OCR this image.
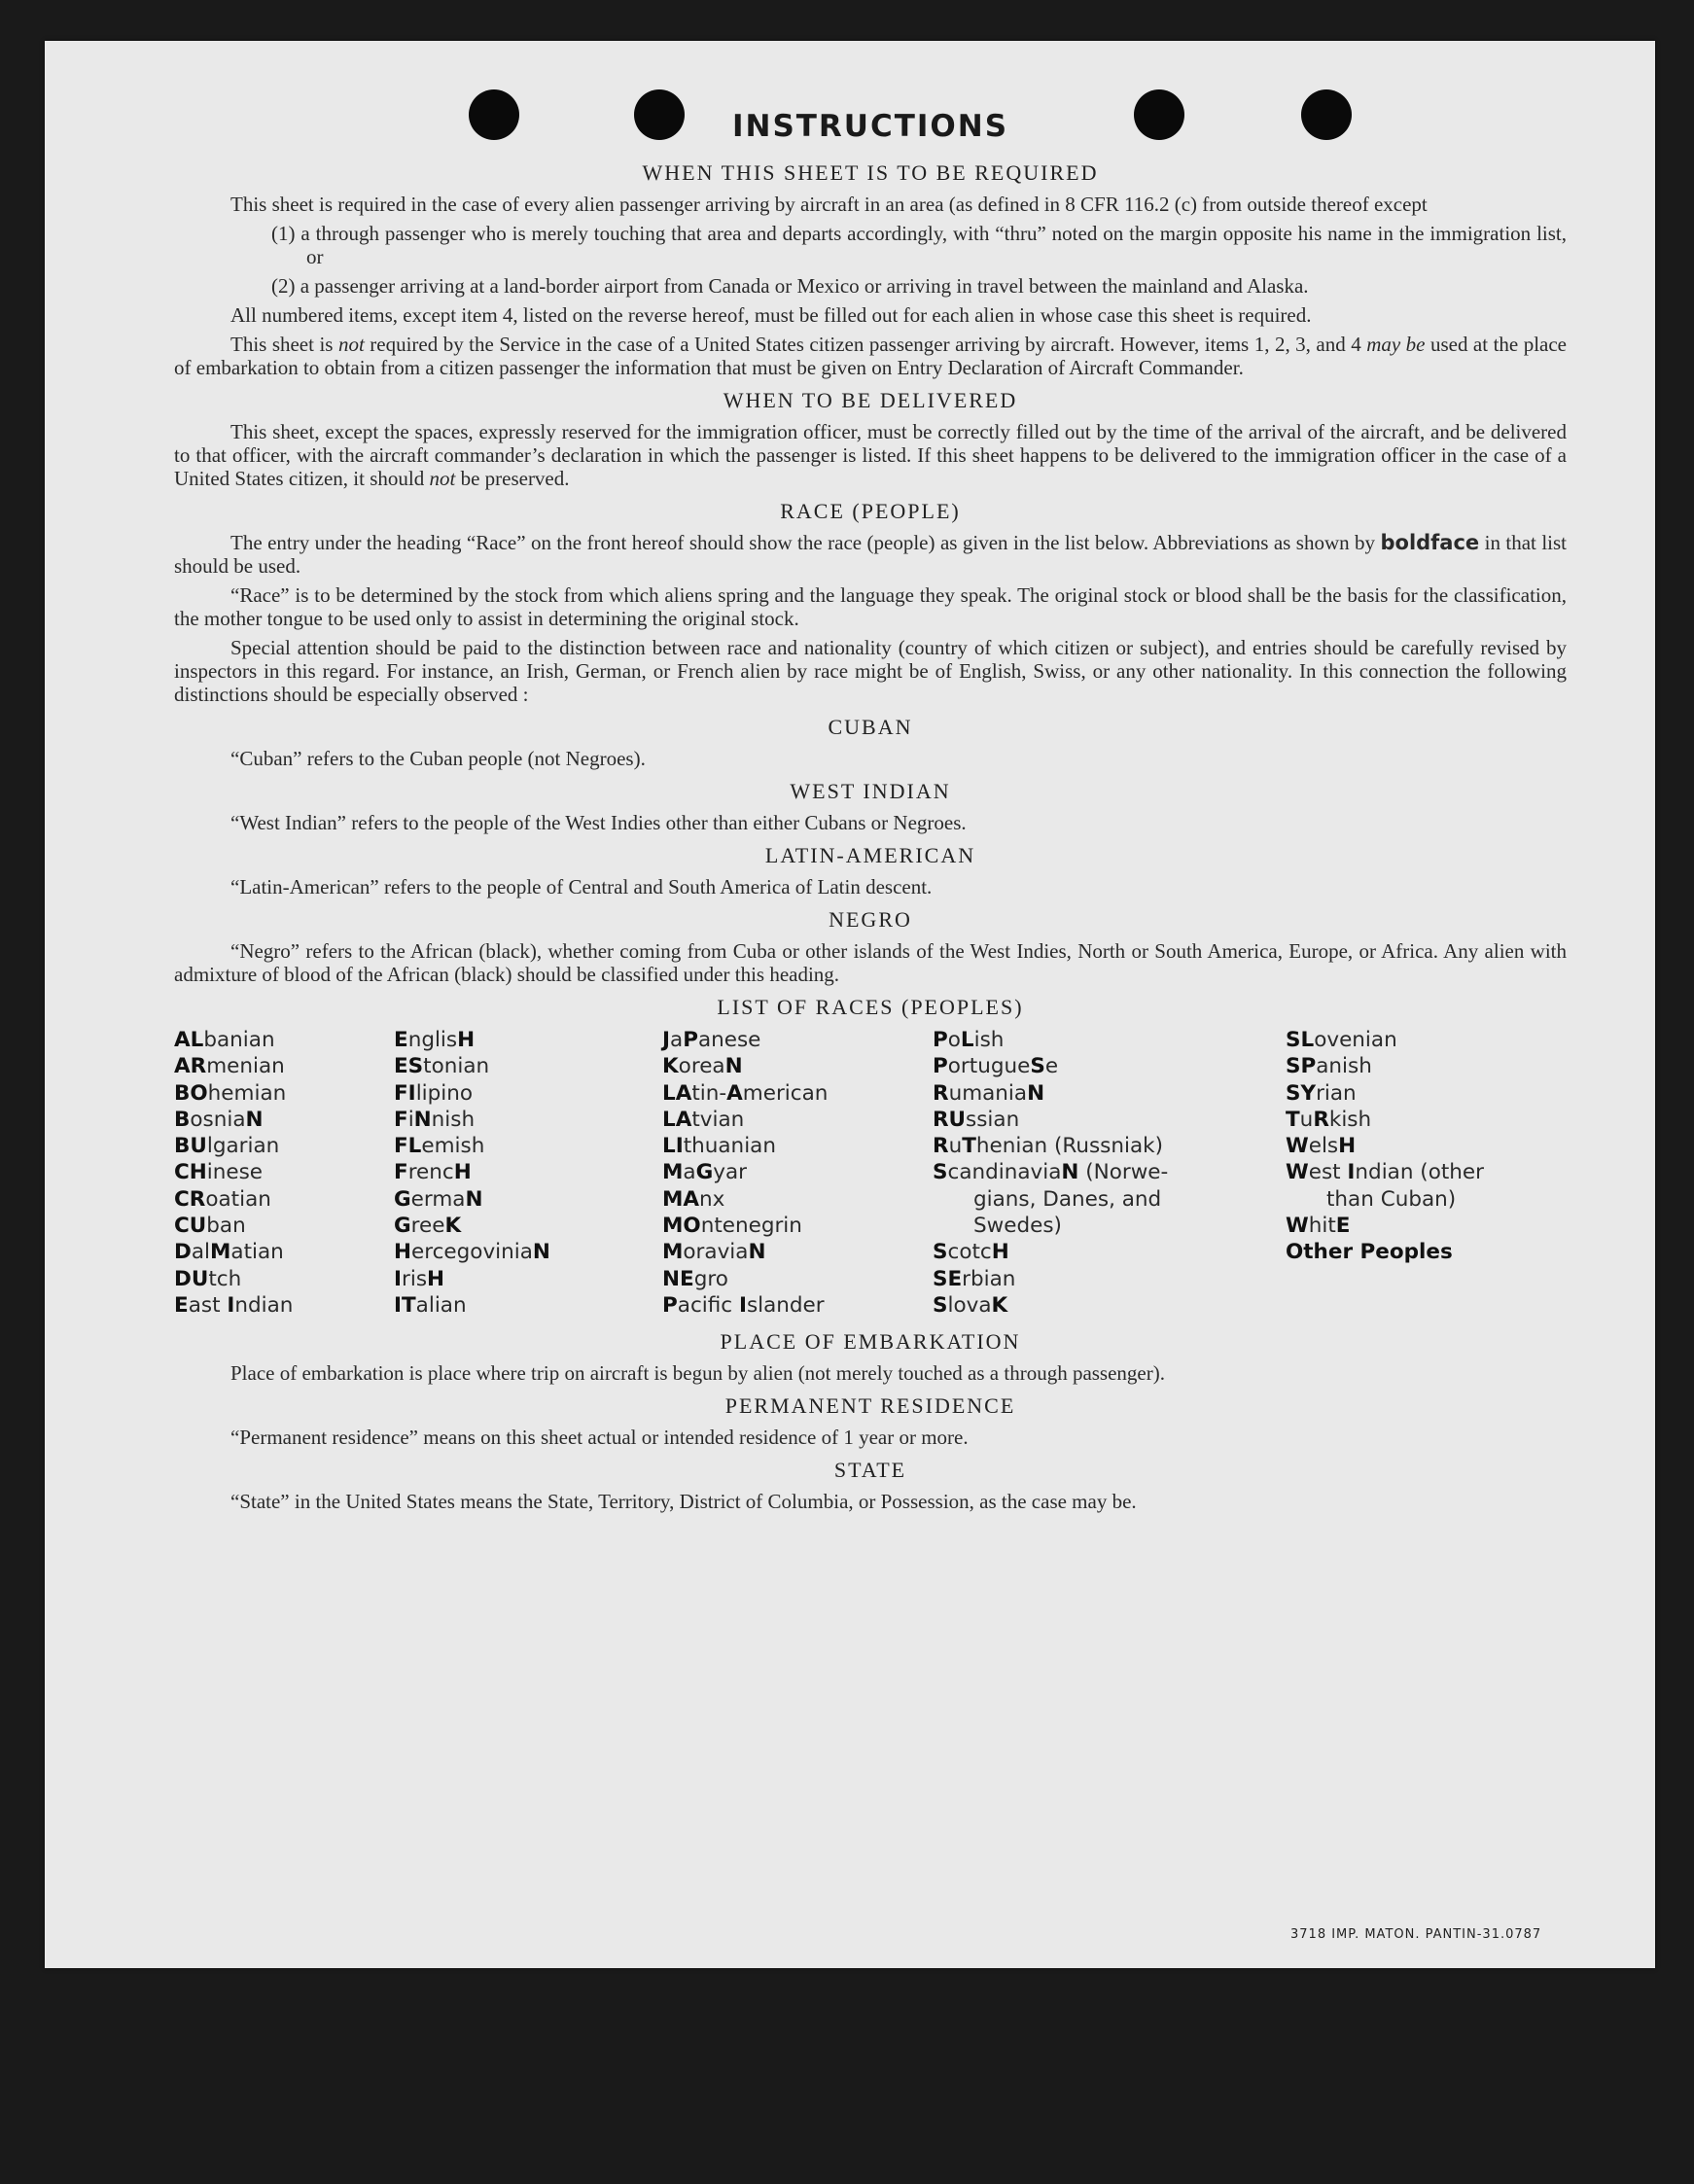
INSTRUCTIONS
WHEN THIS SHEET IS TO BE REQUIRED

This sheet is required in the case of every alien passenger arriving by aircraft in an area (as defined in 8 CFR 116.2 (c) from outside thereof except

(1) a through passenger who is merely touching that area and departs accordingly, with “thru” noted on the margin opposite his name in the immigration list, or

(2) a passenger arriving at a land-border airport from Canada or Mexico or arriving in travel between the mainland and Alaska.

All numbered items, except item 4, listed on the reverse hereof, must be filled out for each alien in whose case this sheet is required.

This sheet is not required by the Service in the case of a United States citizen passenger arriving by aircraft. However, items 1, 2, 3, and 4 may be used at the place of embarkation to obtain from a citizen passenger the information that must be given on Entry Declaration of Aircraft Commander.

WHEN TO BE DELIVERED

This sheet, except the spaces, expressly reserved for the immigration officer, must be correctly filled out by the time of the arrival of the aircraft, and be delivered to that officer, with the aircraft commander’s declaration in which the passenger is listed. If this sheet happens to be delivered to the immigration officer in the case of a United States citizen, it should not be preserved.

RACE (PEOPLE)

The entry under the heading “Race” on the front hereof should show the race (people) as given in the list below. Abbreviations as shown by boldface in that list should be used.

“Race” is to be determined by the stock from which aliens spring and the language they speak. The original stock or blood shall be the basis for the classification, the mother tongue to be used only to assist in determining the original stock.

Special attention should be paid to the distinction between race and nationality (country of which citizen or subject), and entries should be carefully revised by inspectors in this regard. For instance, an Irish, German, or French alien by race might be of English, Swiss, or any other nationality. In this connection the following distinctions should be especially observed :

CUBAN

“Cuban” refers to the Cuban people (not Negroes).

WEST INDIAN

“West Indian” refers to the people of the West Indies other than either Cubans or Negroes.

LATIN-AMERICAN

“Latin-American” refers to the people of Central and South America of Latin descent.

NEGRO

“Negro” refers to the African (black), whether coming from Cuba or other islands of the West Indies, North or South America, Europe, or Africa. Any alien with admixture of blood of the African (black) should be classified under this heading.

LIST OF RACES (PEOPLES)
ALbanian
ARmenian
BOhemian
BosniaN
BUlgarian
CHinese
CRoatian
CUban
DalMatian
DUtch
East Indian
EnglisH
EStonian
FIlipino
FiNnish
FLemish
FrencH
GermaN
GreeK
HercegoviniaN
IrisH
ITalian
JaPanese
KoreaN
LAtin-American
LAtvian
LIthuanian
MaGyar
MAnx
MOntenegrin
MoraviaN
NEgro
Pacific Islander
PoLish
PortugueSe
RumaniaN
RUssian
RuThenian (Russniak)
ScandinaviaN (Norwe-
gians, Danes, and
Swedes)
ScotcH
SErbian
SlovaK
SLovenian
SPanish
SYrian
TuRkish
WelsH
West Indian (other
than Cuban)
WhitE
Other Peoples
PLACE OF EMBARKATION

Place of embarkation is place where trip on aircraft is begun by alien (not merely touched as a through passenger).

PERMANENT RESIDENCE

“Permanent residence” means on this sheet actual or intended residence of 1 year or more.

STATE

“State” in the United States means the State, Territory, District of Columbia, or Possession, as the case may be.

3718 IMP. MATON. PANTIN-31.0787
